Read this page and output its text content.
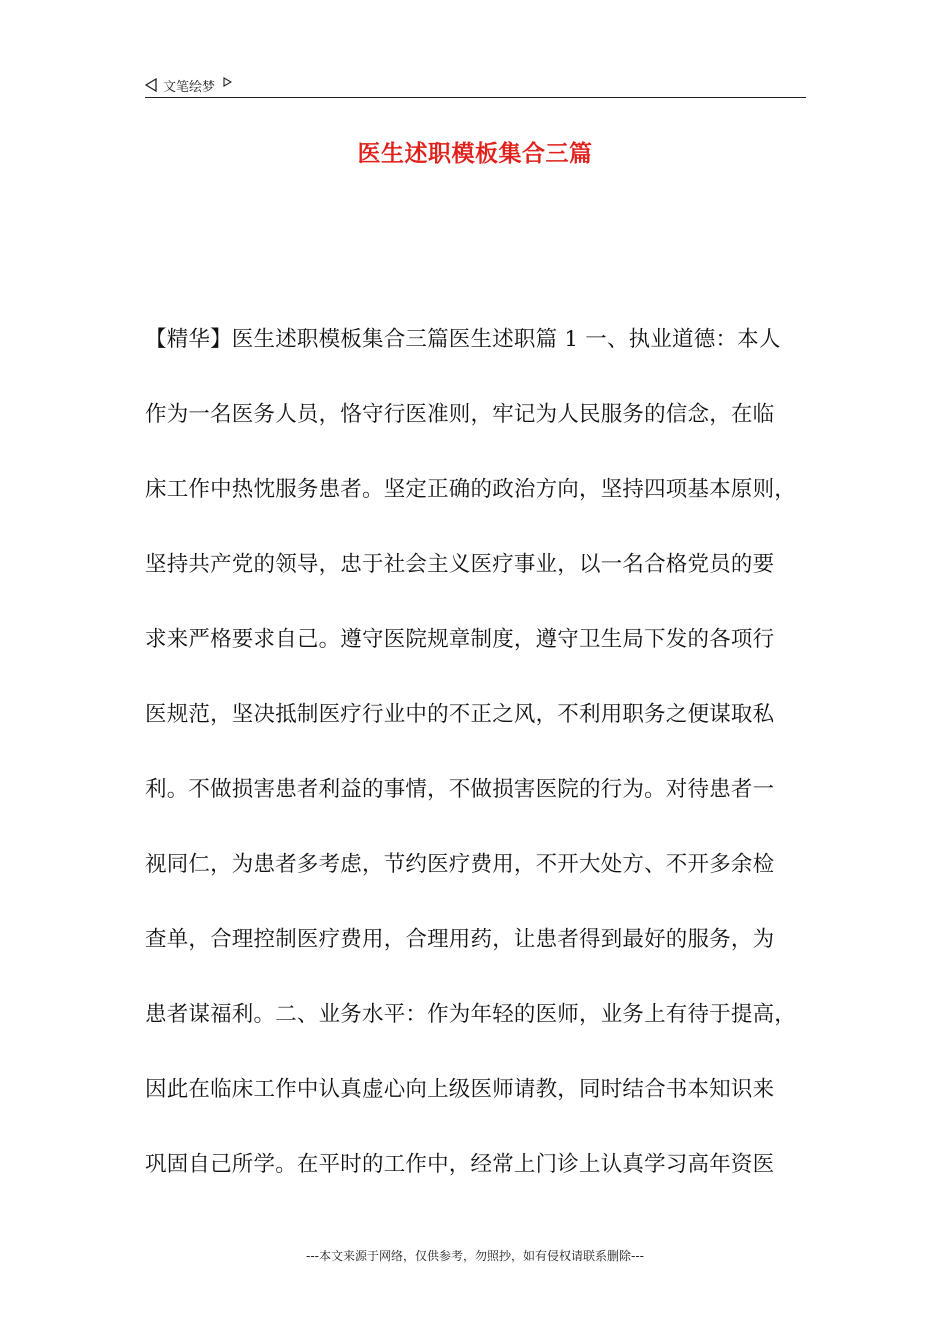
文笔绘梦
医生述职模板集合三篇
【精华】医生述职模板集合三篇医生述职篇 1 一、执业道德：本人
作为一名医务人员，恪守行医准则，牢记为人民服务的信念，在临
床工作中热忱服务患者。坚定正确的政治方向，坚持四项基本原则，
坚持共产党的领导，忠于社会主义医疗事业，以一名合格党员的要
求来严格要求自己。遵守医院规章制度，遵守卫生局下发的各项行
医规范，坚决抵制医疗行业中的不正之风，不利用职务之便谋取私
利。不做损害患者利益的事情，不做损害医院的行为。对待患者一
视同仁，为患者多考虑，节约医疗费用，不开大处方、不开多余检
查单，合理控制医疗费用，合理用药，让患者得到最好的服务，为
患者谋福利。二、业务水平：作为年轻的医师，业务上有待于提高，
因此在临床工作中认真虚心向上级医师请教，同时结合书本知识来
巩固自己所学。在平时的工作中，经常上门诊上认真学习高年资医
---本文来源于网络，仅供参考，勿照抄，如有侵权请联系删除---
